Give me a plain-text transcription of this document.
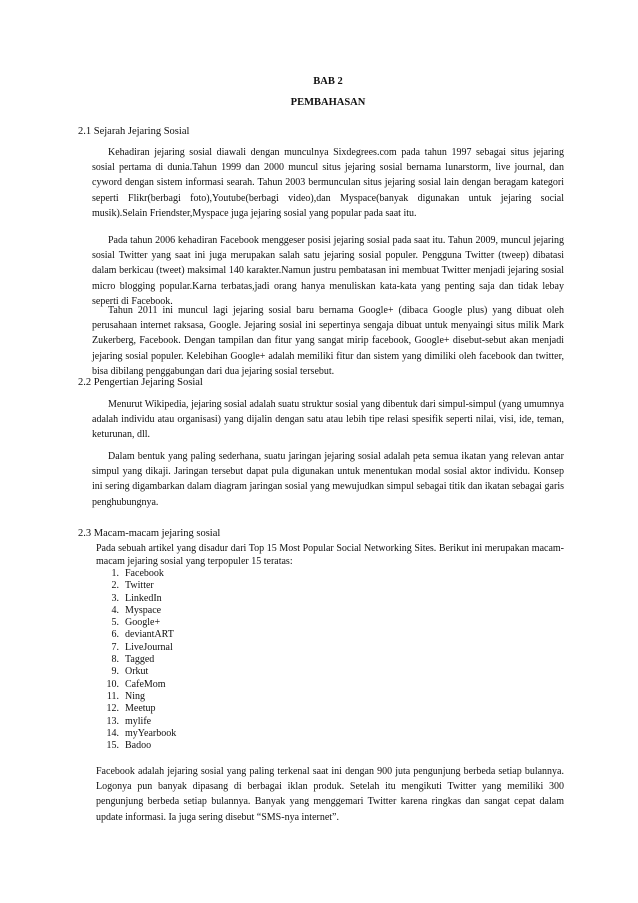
BAB 2
PEMBAHASAN
2.1 Sejarah Jejaring Sosial

Kehadiran jejaring sosial diawali dengan munculnya Sixdegrees.com pada tahun 1997 sebagai situs jejaring sosial pertama di dunia.Tahun 1999 dan 2000 muncul situs jejaring sosial bernama lunarstorm, live journal, dan cyword dengan sistem informasi searah. Tahun 2003 bermunculan situs jejaring sosial lain dengan beragam kategori seperti Flikr(berbagi foto),Youtube(berbagi video),dan Myspace(banyak digunakan untuk jejaring social musik).Selain Friendster,Myspace juga jejaring sosial yang popular pada saat itu.

Pada tahun 2006 kehadiran Facebook menggeser posisi jejaring sosial pada saat itu. Tahun 2009, muncul jejaring sosial Twitter yang saat ini juga merupakan salah satu jejaring sosial populer. Pengguna Twitter (tweep) dibatasi dalam berkicau (tweet) maksimal 140 karakter.Namun justru pembatasan ini membuat Twitter menjadi jejaring sosial micro blogging popular.Karna terbatas,jadi orang hanya menuliskan kata-kata yang penting saja dan tidak lebay seperti di Facebook.

Tahun 2011 ini muncul lagi jejaring sosial baru bernama Google+ (dibaca Google plus) yang dibuat oleh perusahaan internet raksasa, Google. Jejaring sosial ini sepertinya sengaja dibuat untuk menyaingi situs milik Mark Zukerberg, Facebook. Dengan tampilan dan fitur yang sangat mirip facebook, Google+ disebut-sebut akan menjadi jejaring sosial populer. Kelebihan Google+ adalah memiliki fitur dan sistem yang dimiliki oleh facebook dan twitter, bisa dibilang penggabungan dari dua jejaring sosial tersebut.

2.2 Pengertian Jejaring Sosial

Menurut Wikipedia, jejaring sosial adalah suatu struktur sosial yang dibentuk dari simpul-simpul (yang umumnya adalah individu atau organisasi) yang dijalin dengan satu atau lebih tipe relasi spesifik seperti nilai, visi, ide, teman, keturunan, dll.

Dalam bentuk yang paling sederhana, suatu jaringan jejaring sosial adalah peta semua ikatan yang relevan antar simpul yang dikaji. Jaringan tersebut dapat pula digunakan untuk menentukan modal sosial aktor individu. Konsep ini sering digambarkan dalam diagram jaringan sosial yang mewujudkan simpul sebagai titik dan ikatan sebagai garis penghubungnya.

2.3 Macam-macam jejaring sosial

Pada sebuah artikel yang disadur dari Top 15 Most Popular Social Networking Sites. Berikut ini merupakan macam-macam jejaring sosial yang terpopuler 15 teratas:

1. Facebook
2. Twitter
3. LinkedIn
4. Myspace
5. Google+
6. deviantART
7. LiveJournal
8. Tagged
9. Orkut
10. CafeMom
11. Ning
12. Meetup
13. mylife
14. myYearbook
15. Badoo

Facebook adalah jejaring sosial yang paling terkenal saat ini dengan 900 juta pengunjung berbeda setiap bulannya. Logonya pun banyak dipasang di berbagai iklan produk. Setelah itu mengikuti Twitter yang memiliki 300 pengunjung berbeda setiap bulannya. Banyak yang menggemari Twitter karena ringkas dan sangat cepat dalam update informasi. Ia juga sering disebut “SMS-nya internet”.
